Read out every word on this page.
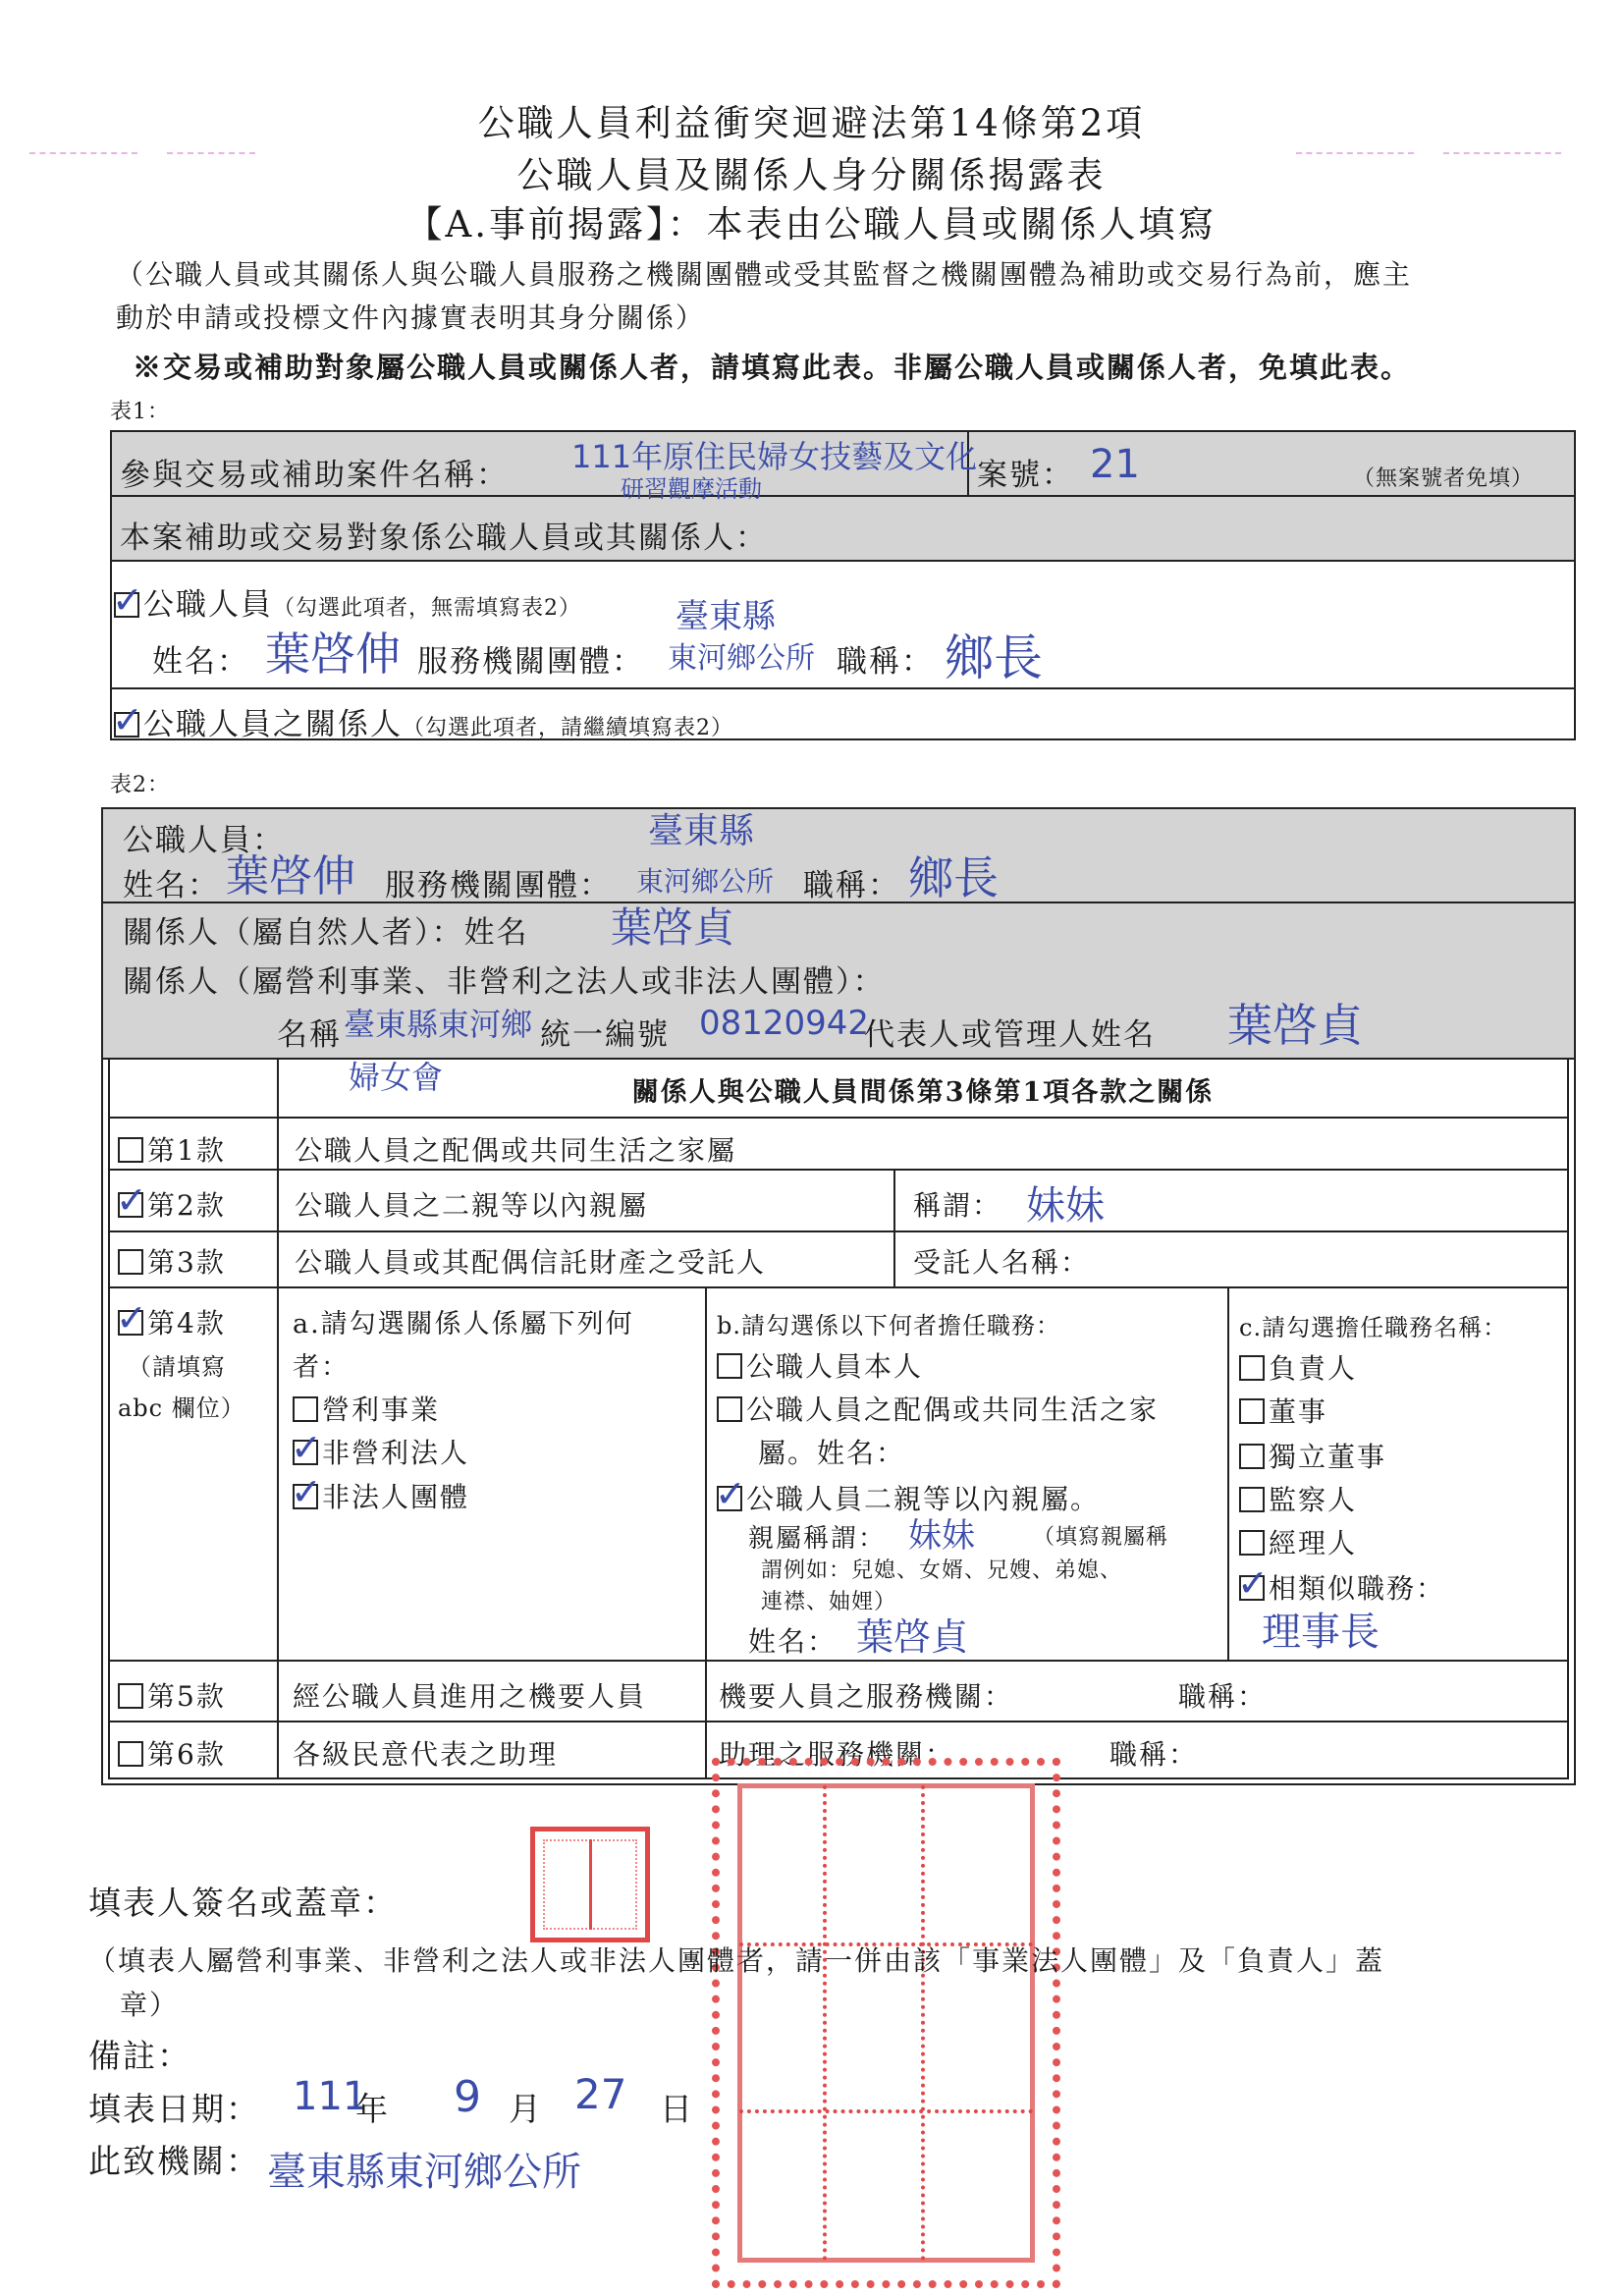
公職人員利益衝突迴避法第14條第2項
公職人員及關係人身分關係揭露表
【A.事前揭露】：本表由公職人員或關係人填寫
（公職人員或其關係人與公職人員服務之機關團體或受其監督之機關團體為補助或交易行為前，應主
動於申請或投標文件內據實表明其身分關係）
※交易或補助對象屬公職人員或關係人者，請填寫此表。非屬公職人員或關係人者，免填此表。
表1：
參與交易或補助案件名稱： 111年原住民婦女技藝及文化
研習觀摩活動	案號： 21	（無案號者免填）
本案補助或交易對象係公職人員或其關係人：
✓公職人員（勾選此項者，無需填寫表2）
姓名： 葉啓伸 服務機關團體：
臺東縣
東河鄉公所 職稱： 鄉長
✓公職人員之關係人（勾選此項者，請繼續填寫表2）
表2：
公職人員：
姓名： 葉啓伸 服務機關團體：
臺東縣
東河鄉公所 職稱： 鄉長
關係人（屬自然人者）：姓名 葉啓貞
關係人（屬營利事業、非營利之法人或非法人團體）：
名稱 臺東縣東河鄉
婦女會
統一編號 08120942
代表人或管理人姓名 葉啓貞
關係人與公職人員間係第3條第1項各款之關係
第1款	公職人員之配偶或共同生活之家屬
✓第2款	公職人員之二親等以內親屬	稱謂： 妹妹
第3款	公職人員或其配偶信託財產之受託人	受託人名稱：
✓第4款
（請填寫
abc 欄位）
a.請勾選關係人係屬下列何
者：
營利事業
✓非營利法人
✓非法人團體
b.請勾選係以下何者擔任職務：
公職人員本人
公職人員之配偶或共同生活之家
屬。姓名：
✓公職人員二親等以內親屬。
親屬稱謂： 妹妹	（填寫親屬稱
謂例如：兒媳、女婿、兄嫂、弟媳、
連襟、妯娌）
姓名： 葉啓貞
c.請勾選擔任職務名稱：
負責人
董事
獨立董事
監察人
經理人
✓相類似職務：
理事長
第5款 經公職人員進用之機要人員	機要人員之服務機關：	職稱：
第6款 各級民意代表之助理	助理之服務機關：	職稱：
填表人簽名或蓋章：
（填表人屬營利事業、非營利之法人或非法人團體者，請一併由該「事業法人團體」及「負責人」蓋
章）
備註：
填表日期： 111
年 9 月 27 日
此致機關： 臺東縣東河鄉公所
